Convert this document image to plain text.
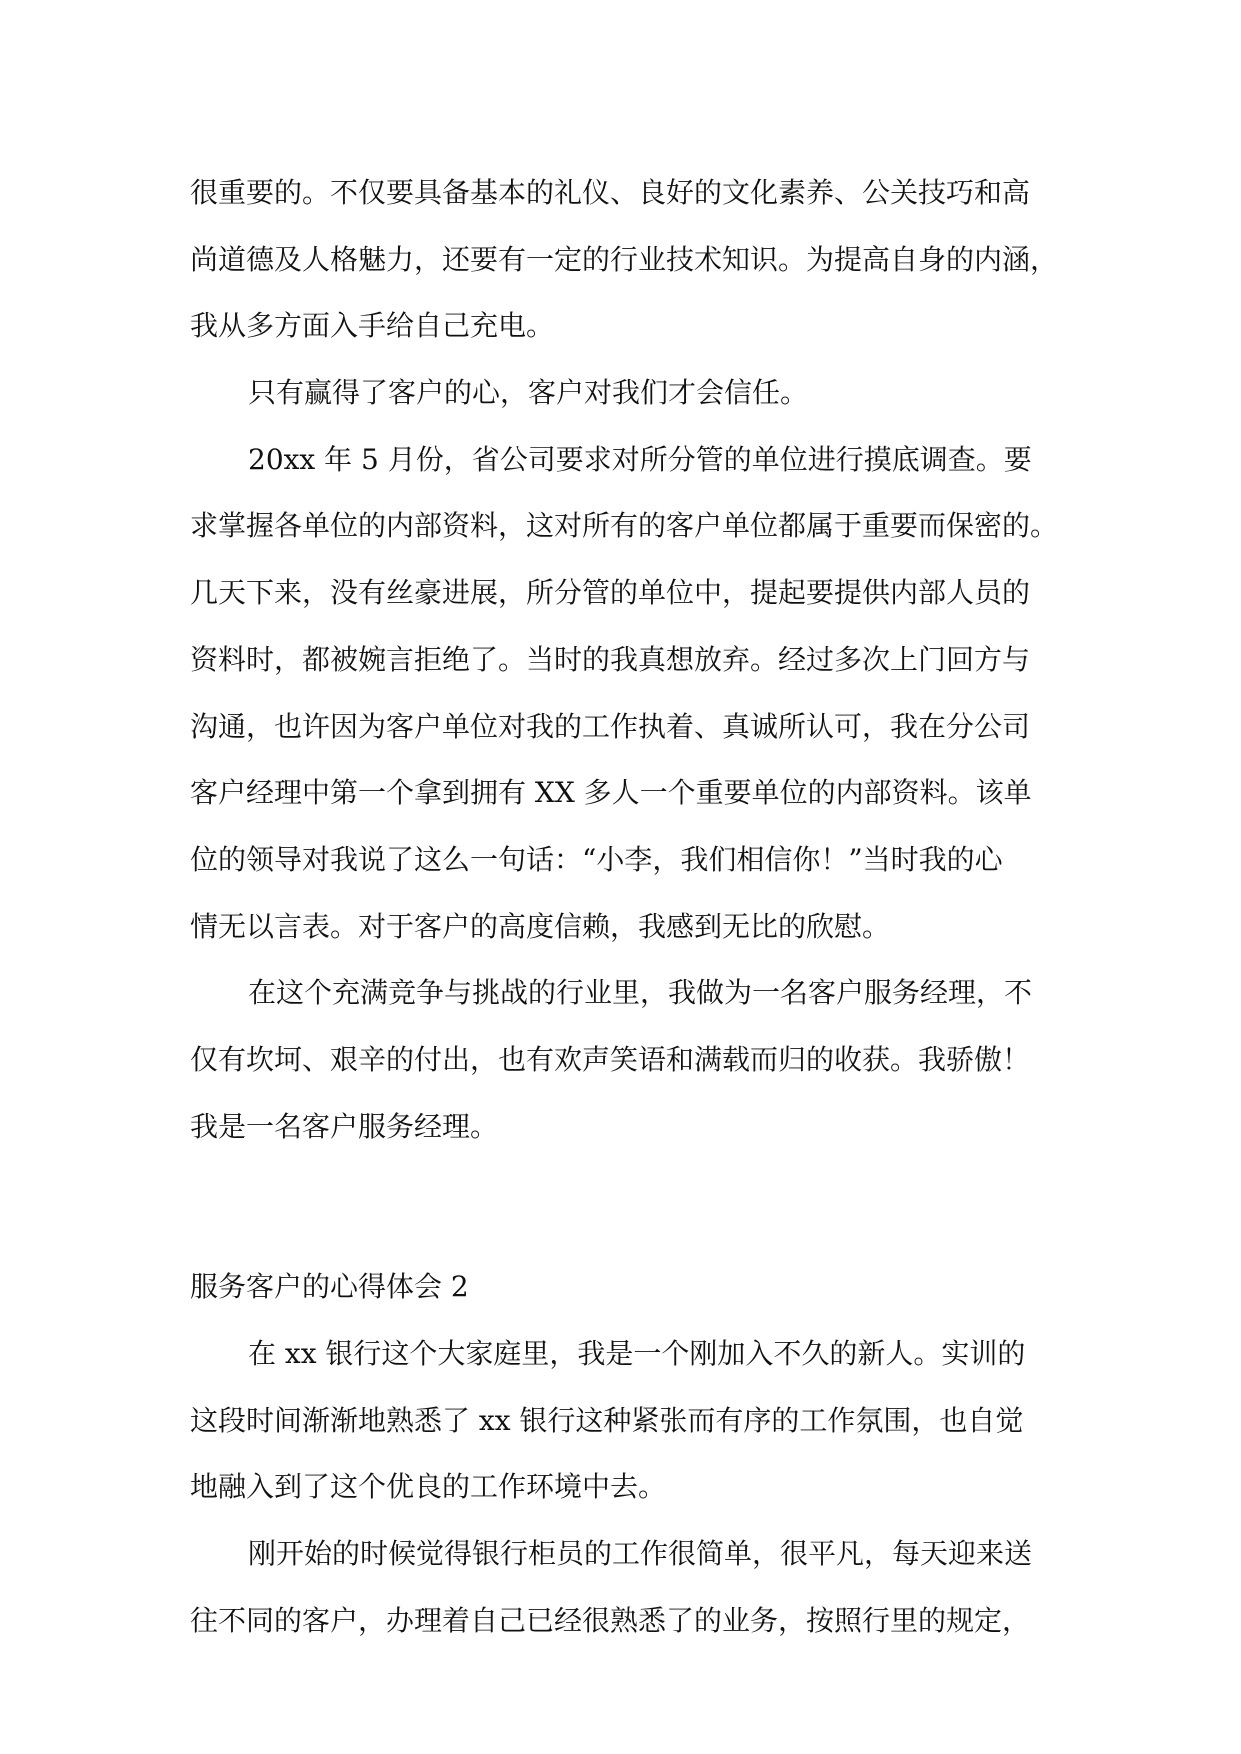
很重要的。不仅要具备基本的礼仪、良好的文化素养、公关技巧和高
尚道德及人格魅力，还要有一定的行业技术知识。为提高自身的内涵，
我从多方面入手给自己充电。
只有赢得了客户的心，客户对我们才会信任。
20xx 年 5 月份，省公司要求对所分管的单位进行摸底调查。要
求掌握各单位的内部资料，这对所有的客户单位都属于重要而保密的。
几天下来，没有丝豪进展，所分管的单位中，提起要提供内部人员的
资料时，都被婉言拒绝了。当时的我真想放弃。经过多次上门回方与
沟通，也许因为客户单位对我的工作执着、真诚所认可，我在分公司
客户经理中第一个拿到拥有 XX 多人一个重要单位的内部资料。该单
位的领导对我说了这么一句话：“小李，我们相信你！”当时我的心
情无以言表。对于客户的高度信赖，我感到无比的欣慰。
在这个充满竞争与挑战的行业里，我做为一名客户服务经理，不
仅有坎坷、艰辛的付出，也有欢声笑语和满载而归的收获。我骄傲！
我是一名客户服务经理。
服务客户的心得体会 2
在 xx 银行这个大家庭里，我是一个刚加入不久的新人。实训的
这段时间渐渐地熟悉了 xx 银行这种紧张而有序的工作氛围，也自觉
地融入到了这个优良的工作环境中去。
刚开始的时候觉得银行柜员的工作很简单，很平凡，每天迎来送
往不同的客户，办理着自己已经很熟悉了的业务，按照行里的规定，
